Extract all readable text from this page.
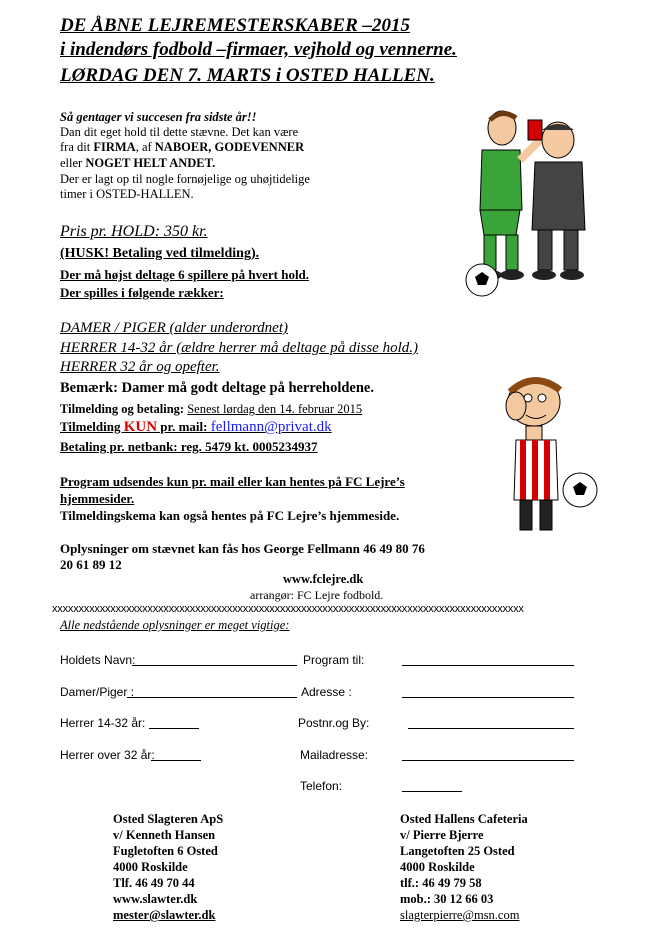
DE ÅBNE LEJREMESTERSKABER –2015
i indendørs fodbold –firmaer, vejhold og vennerne.
LØRDAG DEN 7. MARTS i OSTED HALLEN.
Så gentager vi succesen fra sidste år!!
Dan dit eget hold til dette stævne. Det kan være
fra dit FIRMA, af NABOER, GODEVENNER
eller NOGET HELT ANDET.
Der er lagt op til nogle fornøjelige og uhøjtidelige
timer i OSTED-HALLEN.
Pris pr. HOLD: 350 kr.
(HUSK! Betaling ved tilmelding).
Der må højst deltage 6 spillere på hvert hold.
Der spilles i følgende rækker:
DAMER / PIGER (alder underordnet)
HERRER 14-32 år (ældre herrer må deltage på disse hold.)
HERRER 32 år og opefter.
Bemærk: Damer må godt deltage på herreholdene.
Tilmelding og betaling: Senest lørdag den 14. februar 2015
Tilmelding KUN pr. mail: fellmann@privat.dk
Betaling pr. netbank: reg. 5479 kt. 0005234937
Program udsendes kun pr. mail eller kan hentes på FC Lejre’s
hjemmesider.
Tilmeldingskema kan også hentes på FC Lejre’s hjemmeside.
Oplysninger om stævnet kan fås hos George Fellmann 46 49 80 76
20 61 89 12
www.fclejre.dk
arrangør: FC Lejre fodbold.
xxxxxxxxxxxxxxxxxxxxxxxxxxxxxxxxxxxxxxxxxxxxxxxxxxxxxxxxxxxxxxxxxxxxxxxxxxxxxxxxxxxxxxxxx
Alle nedstående oplysninger er meget vigtige:
Holdets Navn:	Program til:
Damer/Piger :	Adresse :
Herrer 14-32 år:	Postnr.og By:
Herrer over 32 år:	Mailadresse:
Telefon:
Osted Slagteren ApS
v/ Kenneth Hansen
Fugletoften 6 Osted
4000 Roskilde
Tlf. 46 49 70 44
www.slawter.dk
mester@slawter.dk
Osted Hallens Cafeteria
v/ Pierre Bjerre
Langetoften 25 Osted
4000 Roskilde
tlf.: 46 49 79 58
mob.: 30 12 66 03
slagterpierre@msn.com
